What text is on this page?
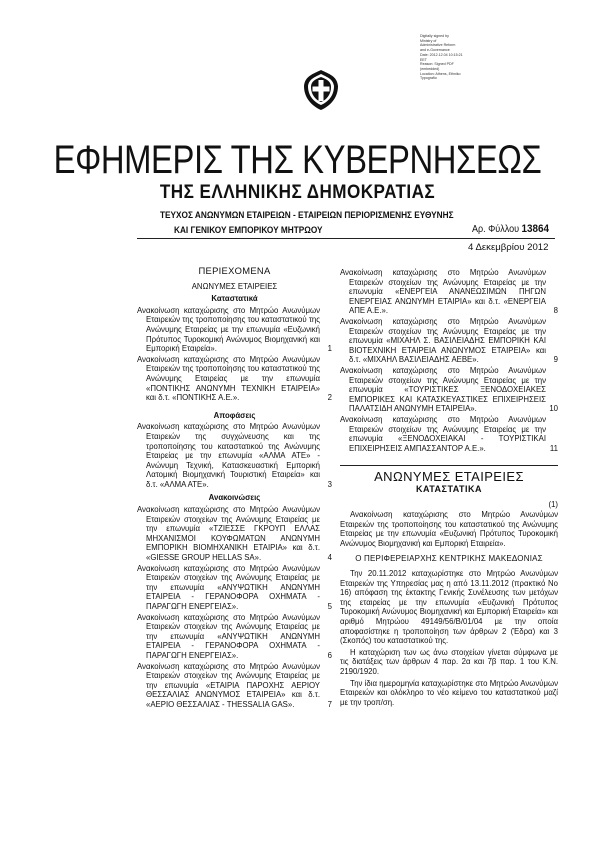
Digitally signed by
Ministry of
Administrative Reform
and e-Governance
Date: 2012.12.04 10:15:21
EET
Reason: Signed PDF
(embedded)
Location: Athens, Ethniko
Typografio
ΕΦΗΜΕΡΙΣ ΤΗΣ ΚΥΒΕΡΝΗΣΕΩΣ
ΤΗΣ ΕΛΛΗΝΙΚΗΣ ΔΗΜΟΚΡΑΤΙΑΣ
ΤΕΥΧΟΣ ΑΝΩΝΥΜΩΝ ΕΤΑΙΡΕΙΩΝ - ΕΤΑΙΡΕΙΩΝ ΠΕΡΙΟΡΙΣΜΕΝΗΣ ΕΥΘΥΝΗΣ
ΚΑΙ ΓΕΝΙΚΟΥ ΕΜΠΟΡΙΚΟΥ ΜΗΤΡΩΟΥ	Αρ. Φύλλου 13864
4 Δεκεμβρίου 2012
ΠΕΡΙΕΧΟΜΕΝΑ
ΑΝΩΝΥΜΕΣ ΕΤΑΙΡΕΙΕΣ
Καταστατικά
Ανακοίνωση καταχώρισης στο Μητρώο Ανωνύμων Εταιρειών της τροποποίησης του καταστατικού της Ανώνυμης Εταιρείας με την επωνυμία «Ευζωνική Πρότυπος Τυροκομική Ανώνυμος Βιομηχανική και Εμπορική Εταιρεία».	1
Ανακοίνωση καταχώρισης στο Μητρώο Ανωνύμων Εταιρειών της τροποποίησης του καταστατικού της Ανώνυμης Εταιρείας με την επωνυμία «ΠΟΝΤΙΚΗΣ ΑΝΩΝΥΜΗ ΤΕΧΝΙΚΗ ΕΤΑΙΡΕΙΑ» και δ.τ. «ΠΟΝΤΙΚΗΣ Α.Ε.».	2
Αποφάσεις
Ανακοίνωση καταχώρισης στο Μητρώο Ανωνύμων Εταιρειών της συγχώνευσης και της τροποποίησης του καταστατικού της Ανώνυμης Εταιρείας με την επωνυμία «ΑΛΜΑ ΑΤΕ» - Ανώνυμη Τεχνική, Κατασκευαστική Εμπορική Λατομική Βιομηχανική Τουριστική Εταιρεία» και δ.τ. «ΑΛΜΑ ΑΤΕ».	3
Ανακοινώσεις
Ανακοίνωση καταχώρισης στο Μητρώο Ανωνύμων Εταιρειών στοιχείων της Ανώνυμης Εταιρείας με την επωνυμία «ΤΖΙΕΣΣΕ ΓΚΡΟΥΠ ΕΛΛΑΣ ΜΗΧΑΝΙΣΜΟΙ ΚΟΥΦΩΜΑΤΩΝ ΑΝΩΝΥΜΗ ΕΜΠΟΡΙΚΗ ΒΙΟΜΗΧΑΝΙΚΗ ΕΤΑΙΡΙΑ» και δ.τ. «GIESSE GROUP HELLAS SA».	4
Ανακοίνωση καταχώρισης στο Μητρώο Ανωνύμων Εταιρειών στοιχείων της Ανώνυμης Εταιρείας με την επωνυμία «ΑΝΥΨΩΤΙΚΗ ΑΝΩΝΥΜΗ ΕΤΑΙΡΕΙΑ - ΓΕΡΑΝΟΦΟΡΑ ΟΧΗΜΑΤΑ - ΠΑΡΑΓΩΓΗ ΕΝΕΡΓΕΙΑΣ».	5
Ανακοίνωση καταχώρισης στο Μητρώο Ανωνύμων Εταιρειών στοιχείων της Ανώνυμης Εταιρείας με την επωνυμία «ΑΝΥΨΩΤΙΚΗ ΑΝΩΝΥΜΗ ΕΤΑΙΡΕΙΑ - ΓΕΡΑΝΟΦΟΡΑ ΟΧΗΜΑΤΑ - ΠΑΡΑΓΩΓΗ ΕΝΕΡΓΕΙΑΣ».	6
Ανακοίνωση καταχώρισης στο Μητρώο Ανωνύμων Εταιρειών στοιχείων της Ανώνυμης Εταιρείας με την επωνυμία «ΕΤΑΙΡΙΑ ΠΑΡΟΧΗΣ ΑΕΡΙΟΥ ΘΕΣΣΑΛΙΑΣ ΑΝΩΝΥΜΟΣ ΕΤΑΙΡΕΙΑ» και δ.τ. «ΑΕΡΙΟ ΘΕΣΣΑΛΙΑΣ - THESSALIA GAS».	7
Ανακοίνωση καταχώρισης στο Μητρώο Ανωνύμων Εταιρειών στοιχείων της Ανώνυμης Εταιρείας με την επωνυμία «ΕΝΕΡΓΕΙΑ ΑΝΑΝΕΩΣΙΜΩΝ ΠΗΓΩΝ ΕΝΕΡΓΕΙΑΣ ΑΝΩΝΥΜΗ ΕΤΑΙΡΙΑ» και δ.τ. «ΕΝΕΡΓΕΙΑ ΑΠΕ Α.Ε.».	8
Ανακοίνωση καταχώρισης στο Μητρώο Ανωνύμων Εταιρειών στοιχείων της Ανώνυμης Εταιρείας με την επωνυμία «ΜΙΧΑΗΛ Σ. ΒΑΣΙΛΕΙΑΔΗΣ ΕΜΠΟΡΙΚΗ ΚΑΙ ΒΙΟΤΕΧΝΙΚΗ ΕΤΑΙΡΕΙΑ ΑΝΩΝΥΜΟΣ ΕΤΑΙΡΕΙΑ» και δ.τ. «ΜΙΧΑΗΛ ΒΑΣΙΛΕΙΑΔΗΣ ΑΕΒΕ».	9
Ανακοίνωση καταχώρισης στο Μητρώο Ανωνύμων Εταιρειών στοιχείων της Ανώνυμης Εταιρείας με την επωνυμία «ΤΟΥΡΙΣΤΙΚΕΣ ΞΕΝΟΔΟΧΕΙΑΚΕΣ ΕΜΠΟΡΙΚΕΣ ΚΑΙ ΚΑΤΑΣΚΕΥΑΣΤΙΚΕΣ ΕΠΙΧΕΙΡΗΣΕΙΣ ΠΑΛΑΤΣΙΔΗ ΑΝΩΝΥΜΗ ΕΤΑΙΡΕΙΑ».	10
Ανακοίνωση καταχώρισης στο Μητρώο Ανωνύμων Εταιρειών στοιχείων της Ανώνυμης Εταιρείας με την επωνυμία «ΞΕΝΟΔΟΧΕΙΑΚΑΙ - ΤΟΥΡΙΣΤΙΚΑΙ ΕΠΙΧΕΙΡΗΣΕΙΣ ΑΜΠΑΣΣΑΝΤΟΡ Α.Ε.».	11
ΑΝΩΝΥΜΕΣ ΕΤΑΙΡΕΙΕΣ
ΚΑΤΑΣΤΑΤΙΚΑ
(1)
Ανακοίνωση καταχώρισης στο Μητρώο Ανωνύμων Εταιρειών της τροποποίησης του καταστατικού της Ανώνυμης Εταιρείας με την επωνυμία «Ευζωνική Πρότυπος Τυροκομική Ανώνυμος Βιομηχανική και Εμπορική Εταιρεία».
Ο ΠΕΡΙΦΕΡΕΙΑΡΧΗΣ ΚΕΝΤΡΙΚΗΣ ΜΑΚΕΔΟΝΙΑΣ
Την 20.11.2012 καταχωρίστηκε στο Μητρώο Ανωνύμων Εταιρειών της Υπηρεσίας μας η από 13.11.2012 (πρακτικό Νο 16) απόφαση της έκτακτης Γενικής Συνέλευσης των μετόχων της εταιρείας με την επωνυμία «Ευζωνική Πρότυπος Τυροκομική Ανώνυμος Βιομηχανική και Εμπορική Εταιρεία» και αριθμό Μητρώου 49149/56/Β/01/04 με την οποία αποφασίστηκε η τροποποίηση των άρθρων 2 (Έδρα) και 3 (Σκοπός) του καταστατικού της.
Η καταχώριση των ως άνω στοιχείων γίνεται σύμφωνα με τις διατάξεις των άρθρων 4 παρ. 2α και 7β παρ. 1 του Κ.Ν. 2190/1920.
Την ίδια ημερομηνία καταχωρίστηκε στο Μητρώο Ανωνύμων Εταιρειών και ολόκληρο το νέο κείμενο του καταστατικού μαζί με την τροπ/ση.
